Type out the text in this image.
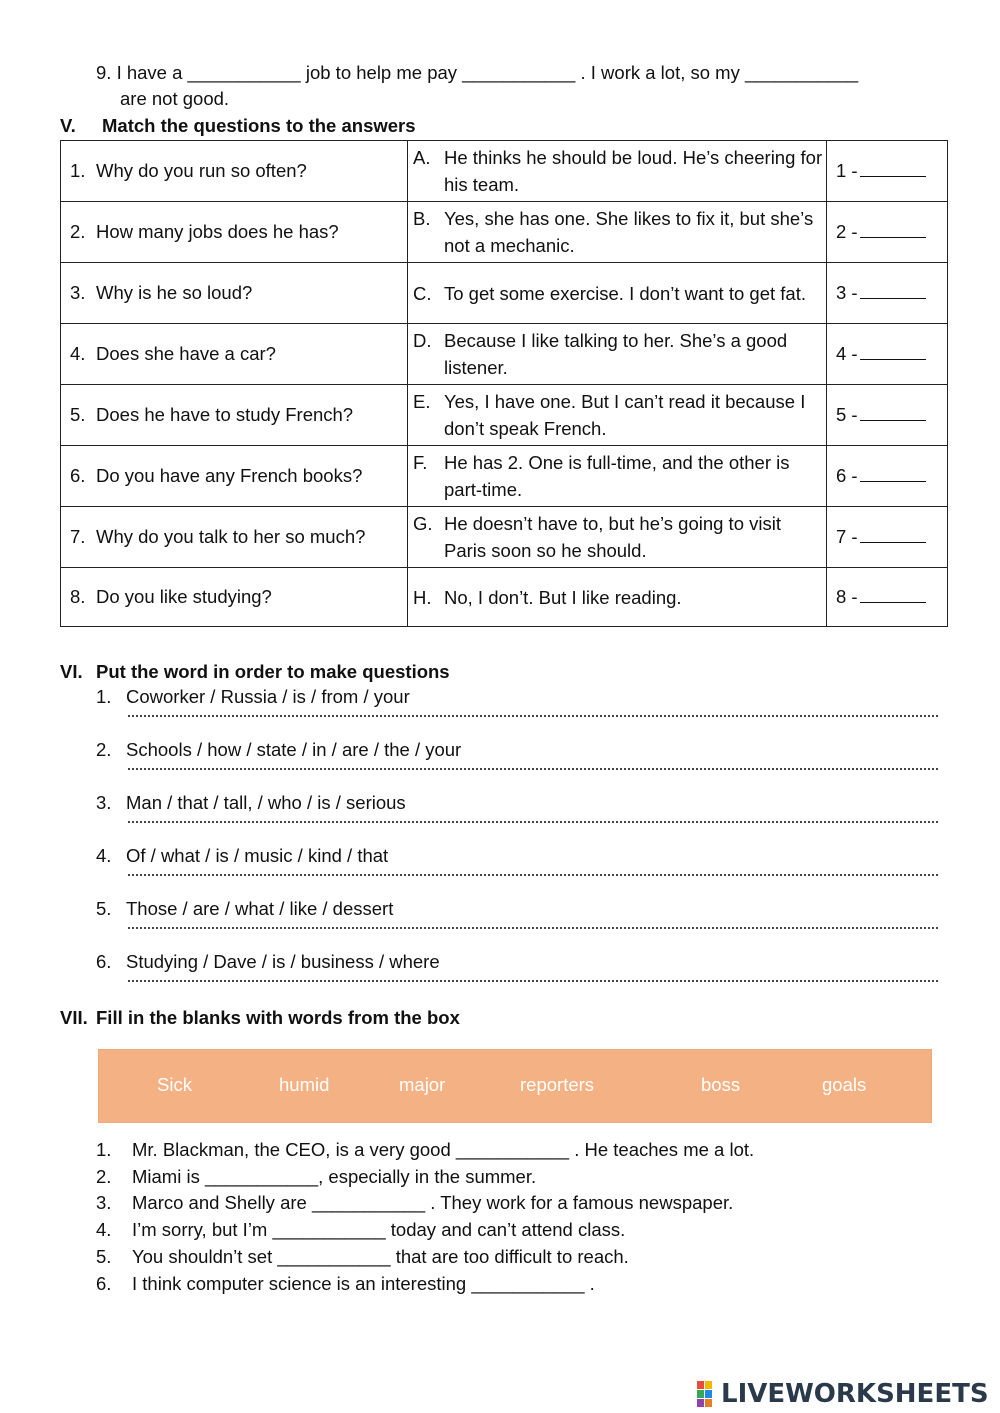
9. I have a ___________ job to help me pay ___________ . I work a lot, so my ___________
are not good.
V. Match the questions to the answers
1. Why do you run so often?	A. He thinks he should be loud. He’s cheering for his team.	1 -
2. How many jobs does he has?	B. Yes, she has one. She likes to fix it, but she’s not a mechanic.	2 -
3. Why is he so loud?	C. To get some exercise. I don’t want to get fat.	3 -
4. Does she have a car?	D. Because I like talking to her. She’s a good listener.	4 -
5. Does he have to study French?	E. Yes, I have one. But I can’t read it because I don’t speak French.	5 -
6. Do you have any French books?	F. He has 2. One is full-time, and the other is part-time.	6 -
7. Why do you talk to her so much?	G. He doesn’t have to, but he’s going to visit Paris soon so he should.	7 -
8. Do you like studying?	H. No, I don’t. But I like reading.	8 -
VI. Put the word in order to make questions
1. Coworker / Russia / is / from / your
2. Schools / how / state / in / are / the / your
3. Man / that / tall, / who / is / serious
4. Of / what / is / music / kind / that
5. Those / are / what / like / dessert
6. Studying / Dave / is / business / where
VII. Fill in the blanks with words from the box
Sick	humid	major	reporters	boss	goals
1. Mr. Blackman, the CEO, is a very good ___________ . He teaches me a lot.
2. Miami is ___________, especially in the summer.
3. Marco and Shelly are ___________ . They work for a famous newspaper.
4. I’m sorry, but I’m ___________ today and can’t attend class.
5. You shouldn’t set ___________ that are too difficult to reach.
6. I think computer science is an interesting ___________ .
LIVEWORKSHEETS
